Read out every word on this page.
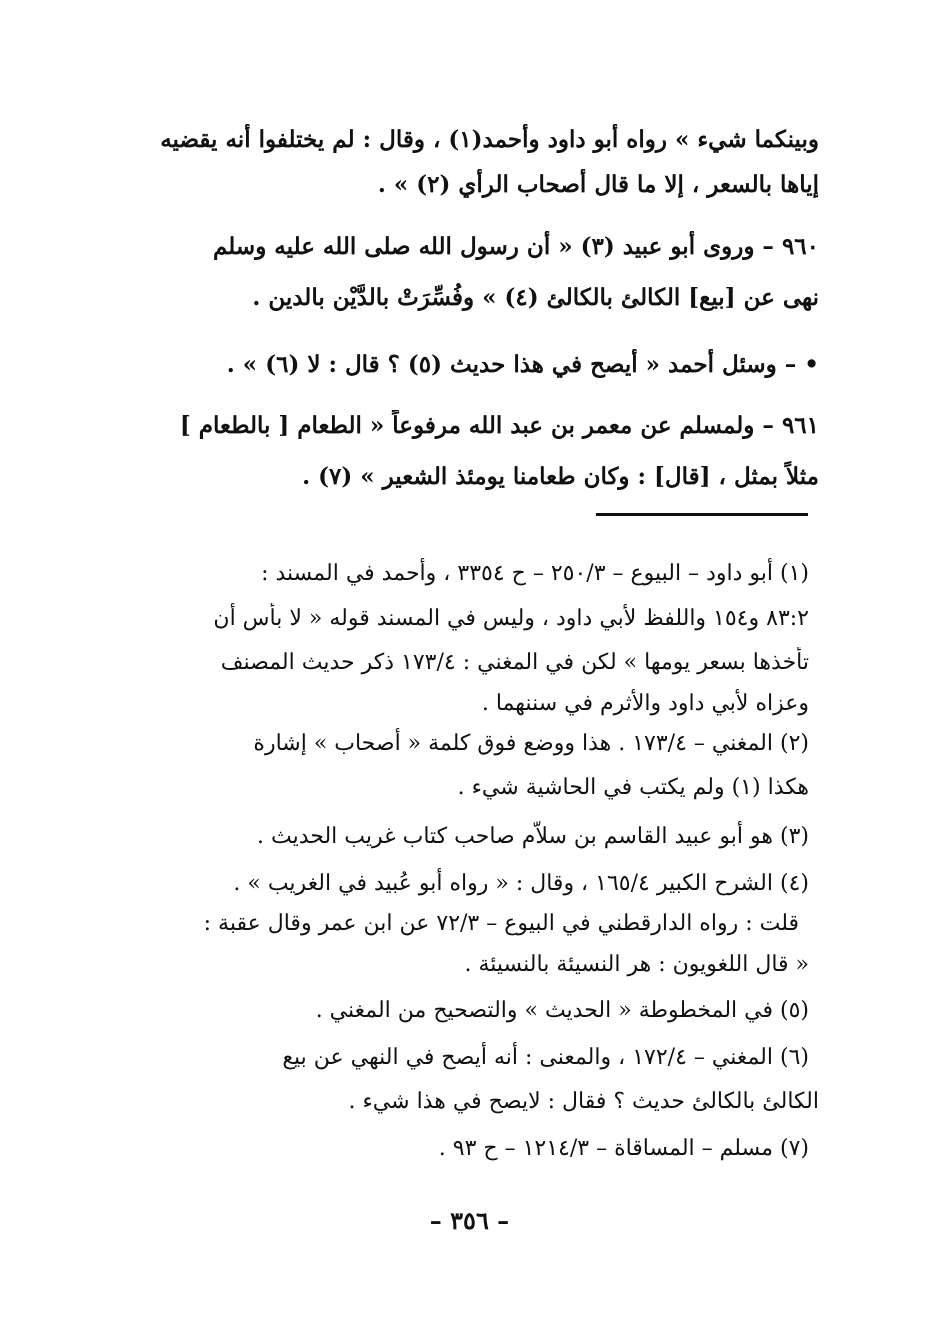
وبينكما شيء » رواه أبو داود وأحمد(١) ، وقال : لم يختلفوا أنه يقضيه
إياها بالسعر ، إلا ما قال أصحاب الرأي (٢) » .
٩٦٠ – وروى أبو عبيد (٣) « أن رسول الله صلى الله عليه وسلم
نهى عن [بيع] الكالئ بالكالئ (٤) » وفُسِّرَتْ بالدَّيْن بالدين .
• – وسئل أحمد « أيصح في هذا حديث (٥) ؟ قال : لا (٦) » .
٩٦١ – ولمسلم عن معمر بن عبد الله مرفوعاً « الطعام [ بالطعام ]
مثلاً بمثل ، [قال] : وكان طعامنا يومئذ الشعير » (٧) .
(١) أبو داود – البيوع – ٢٥٠/٣ – ح ٣٣٥٤ ، وأحمد في المسند :
٨٣:٢ و١٥٤ واللفظ لأبي داود ، وليس في المسند قوله « لا بأس أن
تأخذها بسعر يومها » لكن في المغني : ١٧٣/٤ ذكر حديث المصنف
وعزاه لأبي داود والأثرم في سننهما .
(٢) المغني – ١٧٣/٤ . هذا ووضع فوق كلمة « أصحاب » إشارة
هكذا (١) ولم يكتب في الحاشية شيء .
(٣) هو أبو عبيد القاسم بن سلاّم صاحب كتاب غريب الحديث .
(٤) الشرح الكبير ١٦٥/٤ ، وقال : « رواه أبو عُبيد في الغريب » .
قلت : رواه الدارقطني في البيوع – ٧٢/٣ عن ابن عمر وقال عقبة :
« قال اللغويون : هر النسيئة بالنسيئة .
(٥) في المخطوطة « الحديث » والتصحيح من المغني .
(٦) المغني – ١٧٢/٤ ، والمعنى : أنه أيصح في النهي عن بيع
الكالئ بالكالئ حديث ؟ فقال : لايصح في هذا شيء .
(٧) مسلم – المساقاة – ١٢١٤/٣ – ح ٩٣ .
– ٣٥٦ –
